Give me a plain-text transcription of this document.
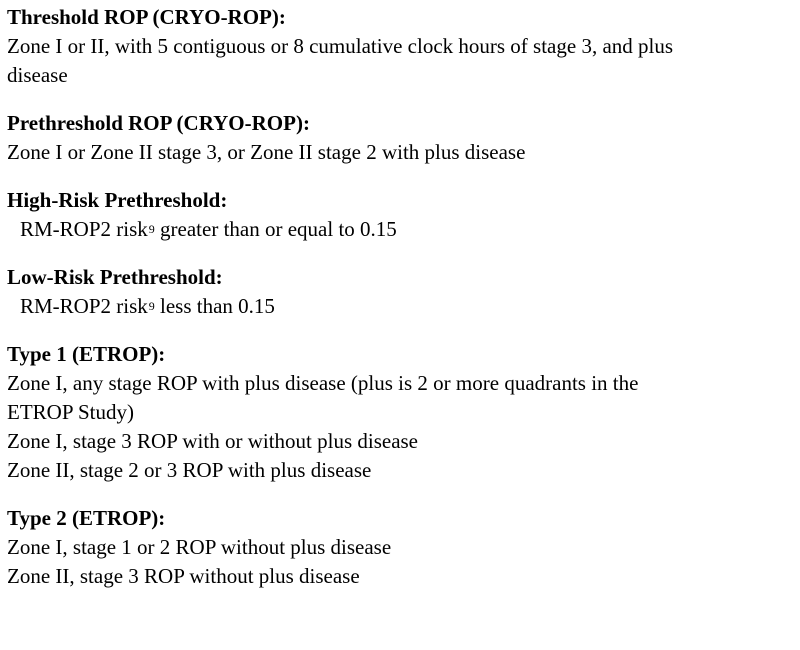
Threshold ROP (CRYO-ROP):

Zone I or II, with 5 contiguous or 8 cumulative clock hours of stage 3, and plus

disease

Prethreshold ROP (CRYO-ROP):

Zone I or Zone II stage 3, or Zone II stage 2 with plus disease

High-Risk Prethreshold:

RM-ROP2 risk$^9$ greater than or equal to 0.15

Low-Risk Prethreshold:

RM-ROP2 risk$^9$ less than 0.15

Type 1 (ETROP):

Zone I, any stage ROP with plus disease (plus is 2 or more quadrants in the

ETROP Study)

Zone I, stage 3 ROP with or without plus disease

Zone II, stage 2 or 3 ROP with plus disease

Type 2 (ETROP):

Zone I, stage 1 or 2 ROP without plus disease

Zone II, stage 3 ROP without plus disease
